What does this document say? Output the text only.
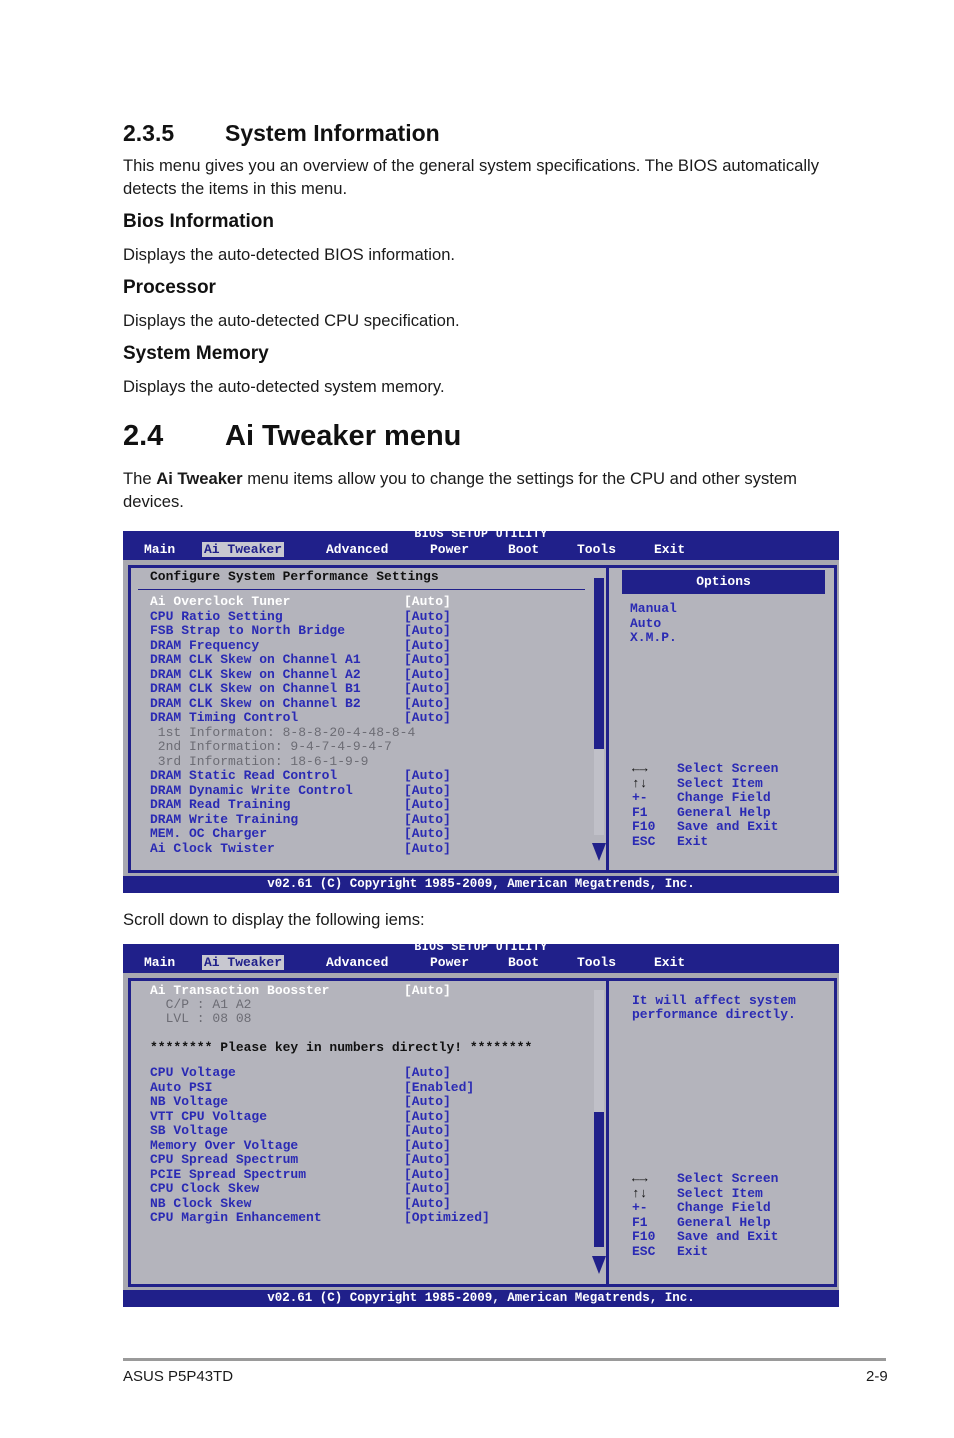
2.3.5 System Information

This menu gives you an overview of the general system specifications. The BIOS automatically detects the items in this menu.

Bios Information

Displays the auto-detected BIOS information.

Processor

Displays the auto-detected CPU specification.

System Memory

Displays the auto-detected system memory.

2.4 Ai Tweaker menu

The Ai Tweaker menu items allow you to change the settings for the CPU and other system devices.

BIOS SETUP UTILITY
Main Ai Tweaker	Advanced	Power	Boot	Tools	Exit
Configure System Performance Settings
Ai Overclock Tuner	[Auto]
CPU Ratio Setting	[Auto]
FSB Strap to North Bridge	[Auto]
DRAM Frequency	[Auto]
DRAM CLK Skew on Channel A1	[Auto]
DRAM CLK Skew on Channel A2	[Auto]
DRAM CLK Skew on Channel B1	[Auto]
DRAM CLK Skew on Channel B2	[Auto]
DRAM Timing Control	[Auto]
1st Informaton: 8-8-8-20-4-48-8-4
2nd Information: 9-4-7-4-9-4-7
3rd Information: 18-6-1-9-9
DRAM Static Read Control	[Auto]
DRAM Dynamic Write Control	[Auto]
DRAM Read Training	[Auto]
DRAM Write Training	[Auto]
MEM. OC Charger	[Auto]
Ai Clock Twister	[Auto]
Options
Manual
Auto
X.M.P.
←→ Select Screen
↑↓ Select Item
+- Change Field
F1 General Help
F10 Save and Exit
ESC Exit
v02.61 (C) Copyright 1985-2009, American Megatrends, Inc.

Scroll down to display the following iems:

BIOS SETUP UTILITY
Main Ai Tweaker	Advanced	Power	Boot	Tools	Exit
Ai Transaction Boosster	[Auto]
C/P : A1 A2
LVL : 08 08
******** Please key in numbers directly! ********
CPU Voltage	[Auto]
Auto PSI	[Enabled]
NB Voltage	[Auto]
VTT CPU Voltage	[Auto]
SB Voltage	[Auto]
Memory Over Voltage	[Auto]
CPU Spread Spectrum	[Auto]
PCIE Spread Spectrum	[Auto]
CPU Clock Skew	[Auto]
NB Clock Skew	[Auto]
CPU Margin Enhancement	[Optimized]
It will affect system
performance directly.
←→ Select Screen
↑↓ Select Item
+- Change Field
F1 General Help
F10 Save and Exit
ESC Exit
v02.61 (C) Copyright 1985-2009, American Megatrends, Inc.
ASUS P5P43TD	2-9
